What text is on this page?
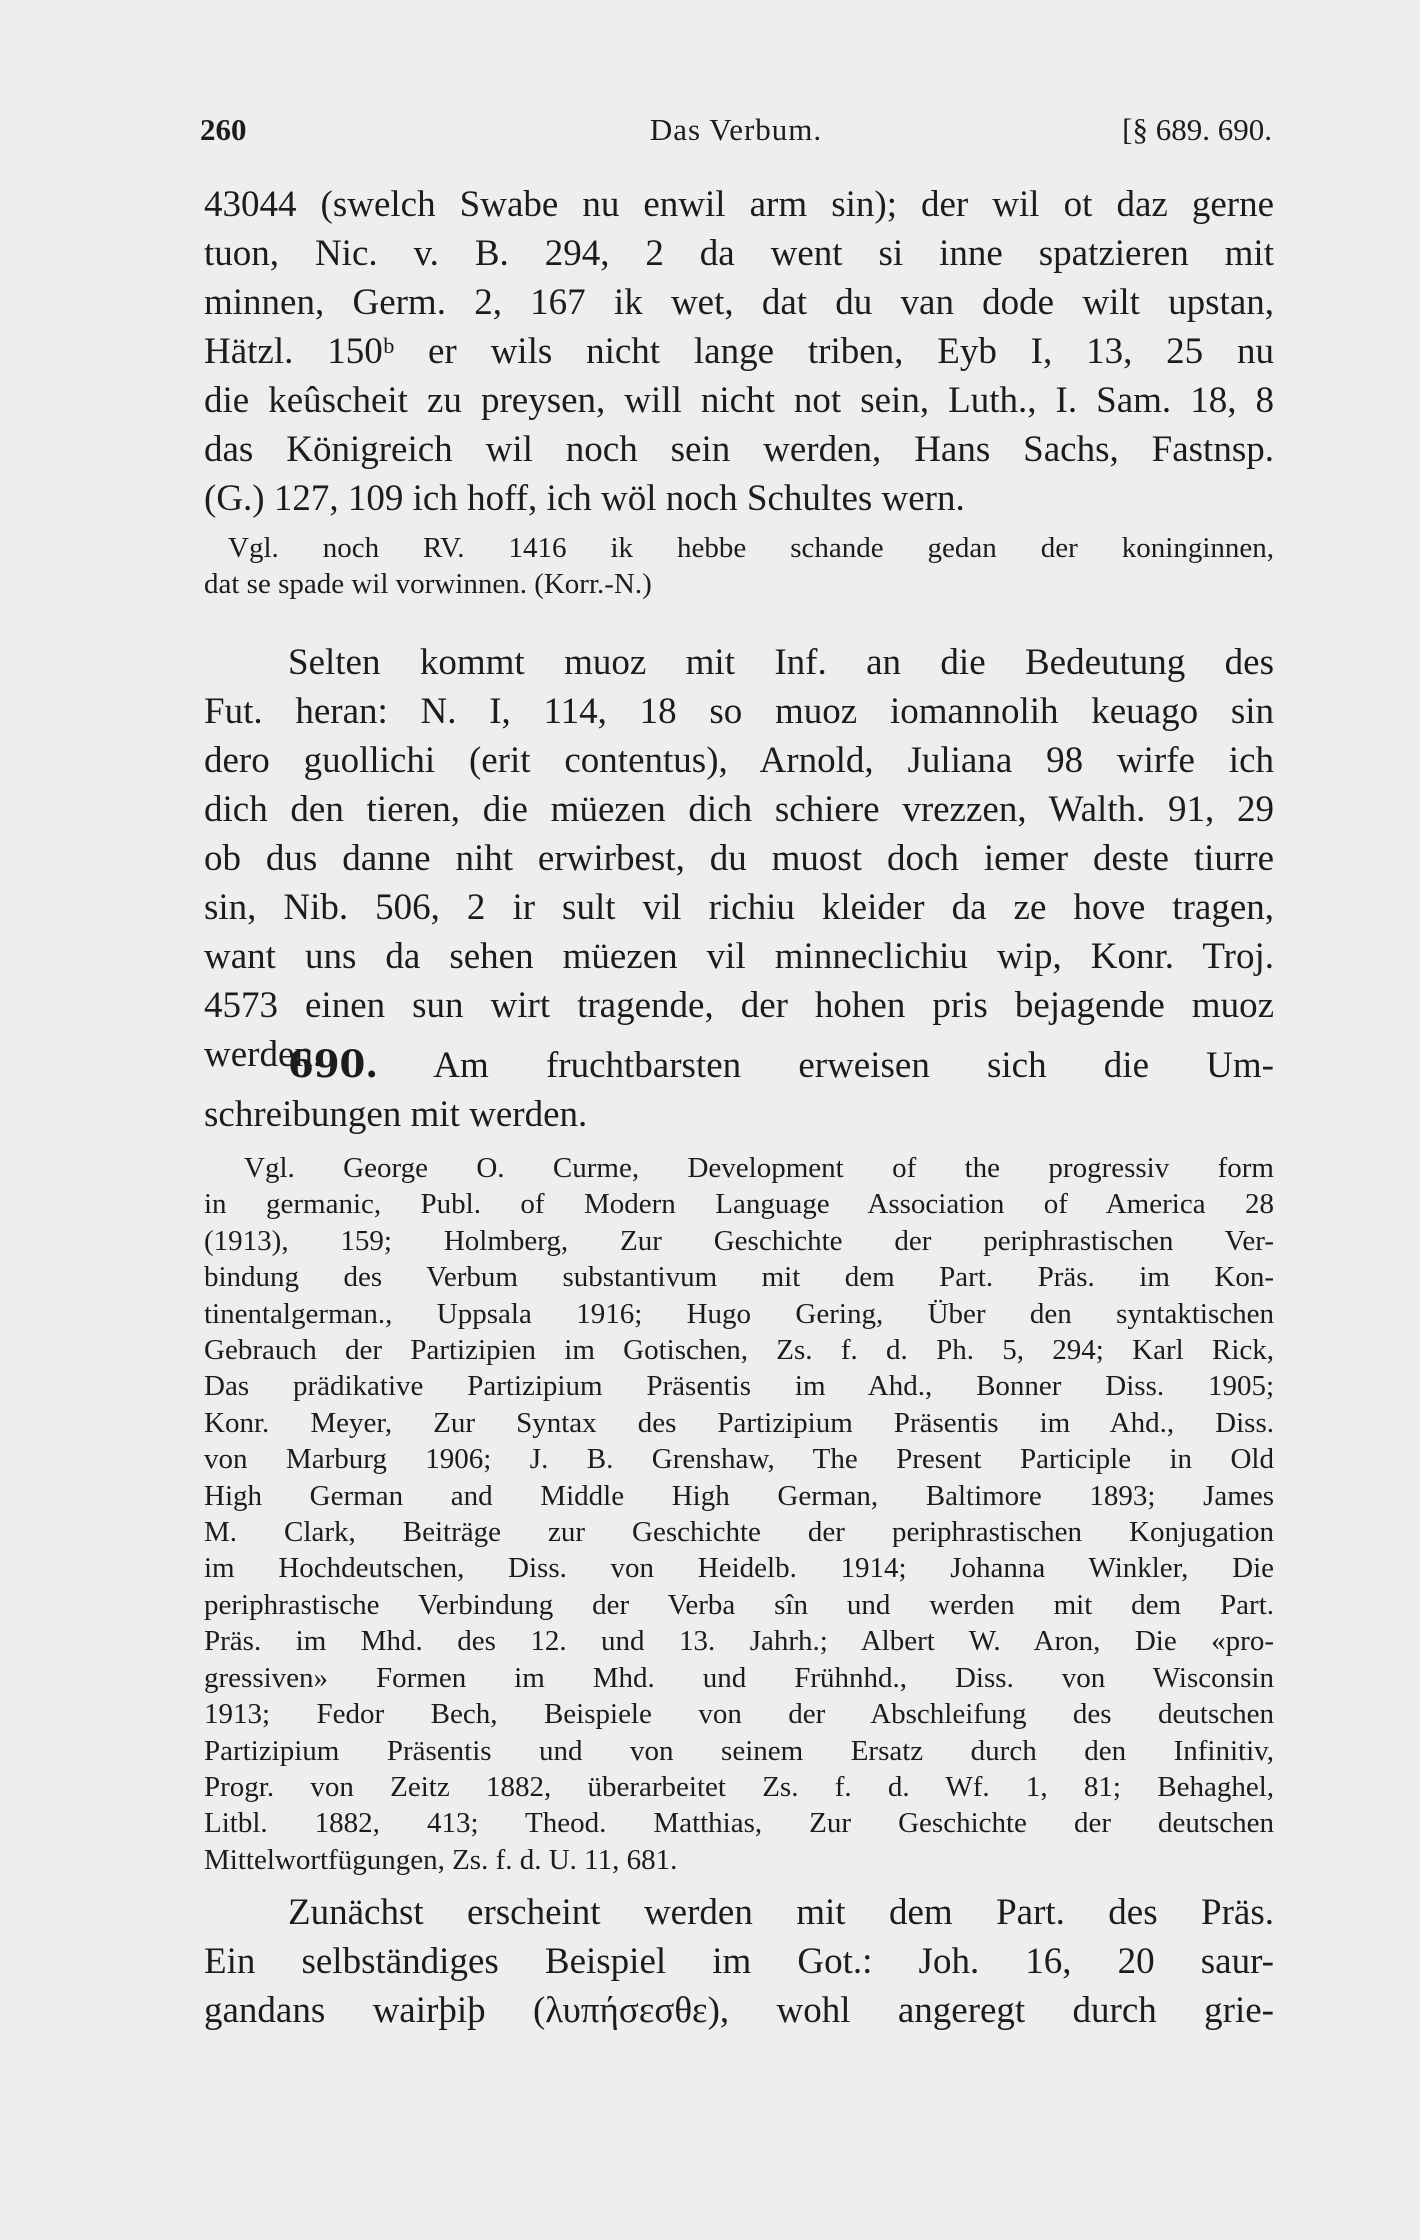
260	Das Verbum.	[§ 689. 690.
43044 (swelch Swabe nu enwil arm sin); der wil ot daz gerne
tuon, Nic. v. B. 294, 2 da went si inne spatzieren mit
minnen, Germ. 2, 167 ik wet, dat du van dode wilt upstan,
Hätzl. 150ᵇ er wils nicht lange triben, Eyb I, 13, 25 nu
die keûscheit zu preysen, will nicht not sein, Luth., I. Sam. 18, 8
das Königreich wil noch sein werden, Hans Sachs, Fastnsp.
(G.) 127, 109 ich hoff, ich wöl noch Schultes wern.
Vgl. noch RV. 1416 ik hebbe schande gedan der koninginnen,
dat se spade wil vorwinnen. (Korr.-N.)
Selten kommt muoz mit Inf. an die Bedeutung des
Fut. heran: N. I, 114, 18 so muoz iomannolih keuago sin
dero guollichi (erit contentus), Arnold, Juliana 98 wirfe ich
dich den tieren, die müezen dich schiere vrezzen, Walth. 91, 29
ob dus danne niht erwirbest, du muost doch iemer deste tiurre
sin, Nib. 506, 2 ir sult vil richiu kleider da ze hove tragen,
want uns da sehen müezen vil minneclichiu wip, Konr. Troj.
4573 einen sun wirt tragende, der hohen pris bejagende muoz
werden.
690. Am fruchtbarsten erweisen sich die Um-
schreibungen mit werden.
Vgl. George O. Curme, Development of the progressiv form
in germanic, Publ. of Modern Language Association of America 28
(1913), 159; Holmberg, Zur Geschichte der periphrastischen Ver-
bindung des Verbum substantivum mit dem Part. Präs. im Kon-
tinentalgerman., Uppsala 1916; Hugo Gering, Über den syntaktischen
Gebrauch der Partizipien im Gotischen, Zs. f. d. Ph. 5, 294; Karl Rick,
Das prädikative Partizipium Präsentis im Ahd., Bonner Diss. 1905;
Konr. Meyer, Zur Syntax des Partizipium Präsentis im Ahd., Diss.
von Marburg 1906; J. B. Grenshaw, The Present Participle in Old
High German and Middle High German, Baltimore 1893; James
M. Clark, Beiträge zur Geschichte der periphrastischen Konjugation
im Hochdeutschen, Diss. von Heidelb. 1914; Johanna Winkler, Die
periphrastische Verbindung der Verba sîn und werden mit dem Part.
Präs. im Mhd. des 12. und 13. Jahrh.; Albert W. Aron, Die «pro-
gressiven» Formen im Mhd. und Frühnhd., Diss. von Wisconsin
1913; Fedor Bech, Beispiele von der Abschleifung des deutschen
Partizipium Präsentis und von seinem Ersatz durch den Infinitiv,
Progr. von Zeitz 1882, überarbeitet Zs. f. d. Wf. 1, 81; Behaghel,
Litbl. 1882, 413; Theod. Matthias, Zur Geschichte der deutschen
Mittelwortfügungen, Zs. f. d. U. 11, 681.
Zunächst erscheint werden mit dem Part. des Präs.
Ein selbständiges Beispiel im Got.: Joh. 16, 20 saur-
gandans wairþiþ (λυπήσεσθε), wohl angeregt durch grie-
